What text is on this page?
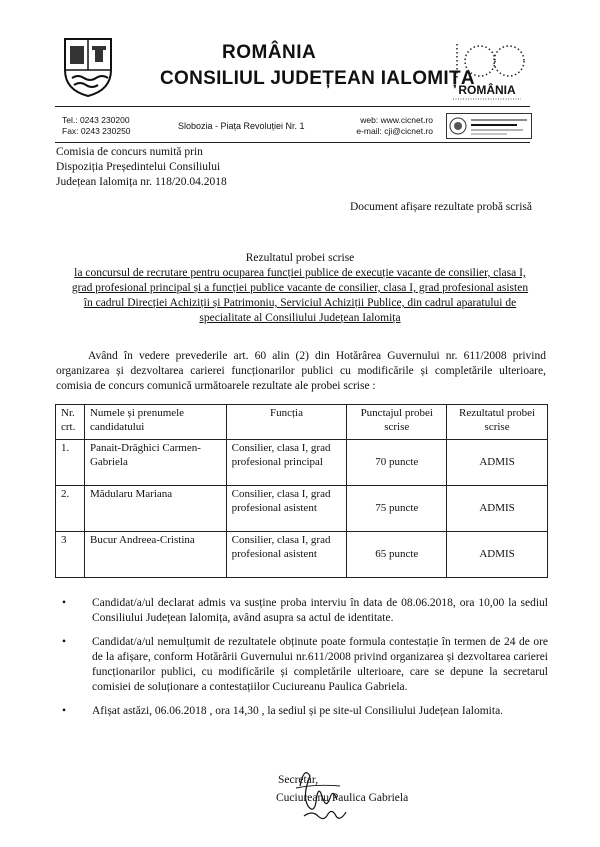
ROMÂNIA
CONSILIUL JUDEȚEAN IALOMIȚA
ROMÂNIA
Tel.: 0243 230200
Fax: 0243 230250	Slobozia - Piața Revoluției Nr. 1
web: www.cicnet.ro
e-mail: cji@cicnet.ro
Comisia de concurs numită prin
Dispoziția Președintelui Consiliului
Județean Ialomița nr. 118/20.04.2018
Document afișare rezultate probă scrisă
Rezultatul probei scrise
la concursul de recrutare pentru ocuparea funcției publice de execuție vacante de consilier, clasa I,
grad profesional principal și a funcției publice vacante de consilier, clasa I, grad profesional asisten
în cadrul Direcției Achiziții și Patrimoniu, Serviciul Achiziții Publice, din cadrul aparatului de
specialitate al Consiliului Județean Ialomița
Având în vedere prevederile art. 60 alin (2) din Hotărârea Guvernului nr. 611/2008 privind organizarea și dezvoltarea carierei funcționarilor publici cu modificările și completările ulterioare, comisia de concurs comunică următoarele rezultate ale probei scrise :
Nr. crt.	Numele și prenumele candidatului	Funcția	Punctajul probei scrise	Rezultatul probei scrise
1.	Panait-Drăghici Carmen-Gabriela	Consilier, clasa I, grad profesional principal	70 puncte	ADMIS
2.	Mădularu Mariana	Consilier, clasa I, grad profesional asistent	75 puncte	ADMIS
3	Bucur Andreea-Cristina	Consilier, clasa I, grad profesional asistent	65 puncte	ADMIS
• Candidat/a/ul declarat admis va susține proba interviu în data de 08.06.2018, ora 10,00 la sediul Consiliului Județean Ialomița, având asupra sa actul de identitate.
• Candidat/a/ul nemulțumit de rezultatele obținute poate formula contestație în termen de 24 de ore de la afișare, conform Hotărârii Guvernului nr.611/2008 privind organizarea și dezvoltarea carierei funcționarilor publici, cu modificările și completările ulterioare, care se depune la secretarul comisiei de soluționare a contestațiilor Cuciureanu Paulica Gabriela.
• Afișat astăzi, 06.06.2018 , ora 14,30 , la sediul și pe site-ul Consiliului Județean Ialomita.
Secretar,
Cuciureanu Paulica Gabriela
